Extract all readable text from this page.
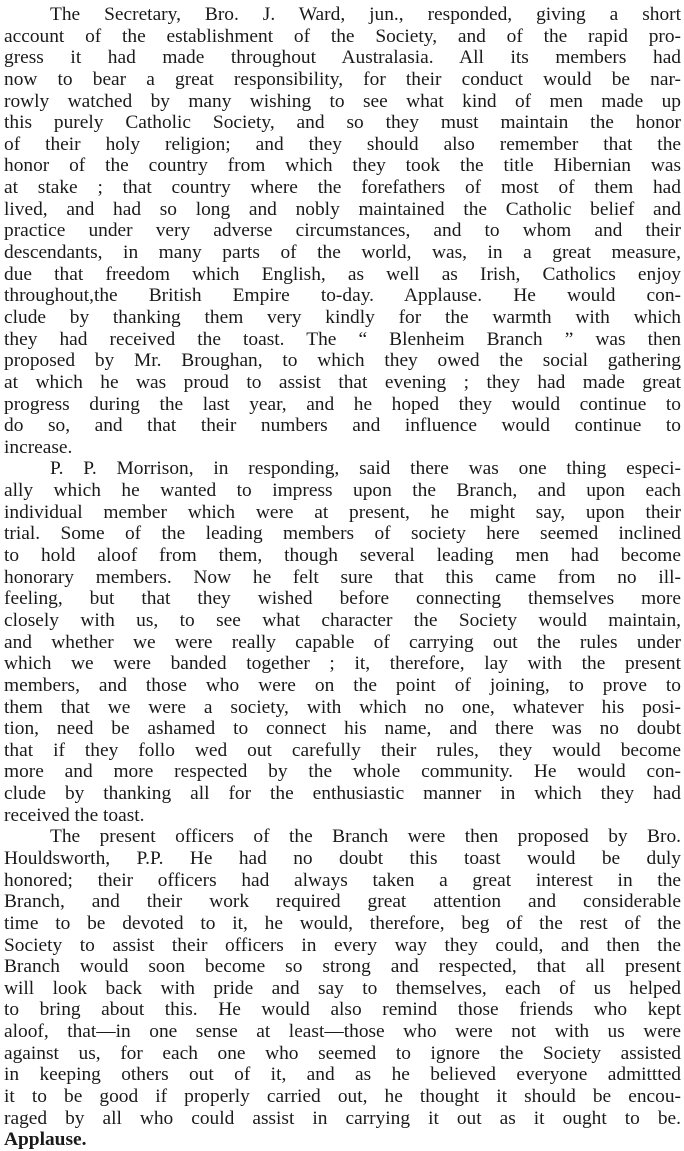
The Secretary, Bro. J. Ward, jun., responded, giving a short
account of the establishment of the Society, and of the rapid pro-
gress it had made throughout Australasia. All its members had
now to bear a great responsibility, for their conduct would be nar-
rowly watched by many wishing to see what kind of men made up
this purely Catholic Society, and so they must maintain the honor
of their holy religion; and they should also remember that the
honor of the country from which they took the title Hibernian was
at stake ; that country where the forefathers of most of them had
lived, and had so long and nobly maintained the Catholic belief and
practice under very adverse circumstances, and to whom and their
descendants, in many parts of the world, was, in a great measure,
due that freedom which English, as well as Irish, Catholics enjoy
throughout,the British Empire to-day. Applause. He would con-
clude by thanking them very kindly for the warmth with which
they had received the toast. The “ Blenheim Branch ” was then
proposed by Mr. Broughan, to which they owed the social gathering
at which he was proud to assist that evening ; they had made great
progress during the last year, and he hoped they would continue to
do so, and that their numbers and influence would continue to
increase.
P. P. Morrison, in responding, said there was one thing especi-
ally which he wanted to impress upon the Branch, and upon each
individual member which were at present, he might say, upon their
trial. Some of the leading members of society here seemed inclined
to hold aloof from them, though several leading men had become
honorary members. Now he felt sure that this came from no ill-
feeling, but that they wished before connecting themselves more
closely with us, to see what character the Society would maintain,
and whether we were really capable of carrying out the rules under
which we were banded together ; it, therefore, lay with the present
members, and those who were on the point of joining, to prove to
them that we were a society, with which no one, whatever his posi-
tion, need be ashamed to connect his name, and there was no doubt
that if they follo wed out carefully their rules, they would become
more and more respected by the whole community. He would con-
clude by thanking all for the enthusiastic manner in which they had
received the toast.
The present officers of the Branch were then proposed by Bro.
Houldsworth, P.P. He had no doubt this toast would be duly
honored; their officers had always taken a great interest in the
Branch, and their work required great attention and considerable
time to be devoted to it, he would, therefore, beg of the rest of the
Society to assist their officers in every way they could, and then the
Branch would soon become so strong and respected, that all present
will look back with pride and say to themselves, each of us helped
to bring about this. He would also remind those friends who kept
aloof, that—in one sense at least—those who were not with us were
against us, for each one who seemed to ignore the Society assisted
in keeping others out of it, and as he believed everyone admittted
it to be good if properly carried out, he thought it should be encou-
raged by all who could assist in carrying it out as it ought to be.
Applause.
